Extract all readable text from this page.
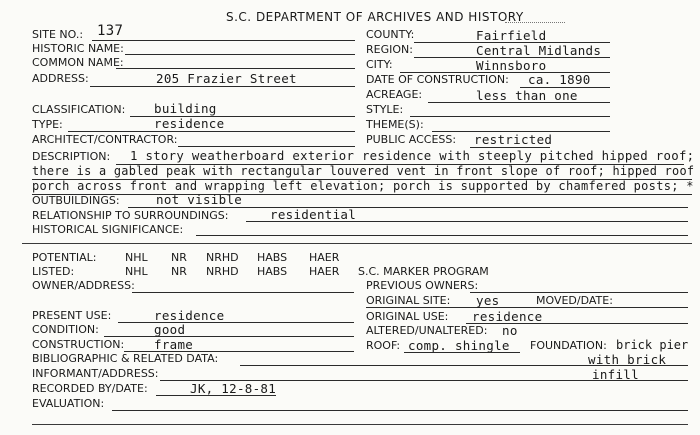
S.C. DEPARTMENT OF ARCHIVES AND HISTORY
SITE NO.: 137
HISTORIC NAME:
COMMON NAME:
ADDRESS:	205 Frazier Street
COUNTY:	Fairfield
REGION:	Central Midlands
CITY:	Winnsboro
DATE OF CONSTRUCTION: ca. 1890
ACREAGE:	less than one
CLASSIFICATION: building
TYPE:	residence
ARCHITECT/CONTRACTOR:
STYLE:
THEME(S):
PUBLIC ACCESS: restricted
DESCRIPTION: 1 story weatherboard exterior residence with steeply pitched hipped roof;
there is a gabled peak with rectangular louvered vent in front slope of roof; hipped roof
porch across front and wrapping left elevation; porch is supported by chamfered posts; *
OUTBUILDINGS:	not visible
RELATIONSHIP TO SURROUNDINGS:	residential
HISTORICAL SIGNIFICANCE:
POTENTIAL:	NHL NR NRHD HABS HAER
LISTED:	NHL NR NRHD HABS HAER S.C. MARKER PROGRAM
OWNER/ADDRESS:	PREVIOUS OWNERS:
ORIGINAL SITE: yes	MOVED/DATE:
PRESENT USE:	residence	ORIGINAL USE: residence
CONDITION:	good	ALTERED/UNALTERED: no
CONSTRUCTION: frame	ROOF: comp. shingle FOUNDATION: brick pier
with brick
infill
BIBLIOGRAPHIC & RELATED DATA:
INFORMANT/ADDRESS:
RECORDED BY/DATE:	JK, 12-8-81
EVALUATION:
